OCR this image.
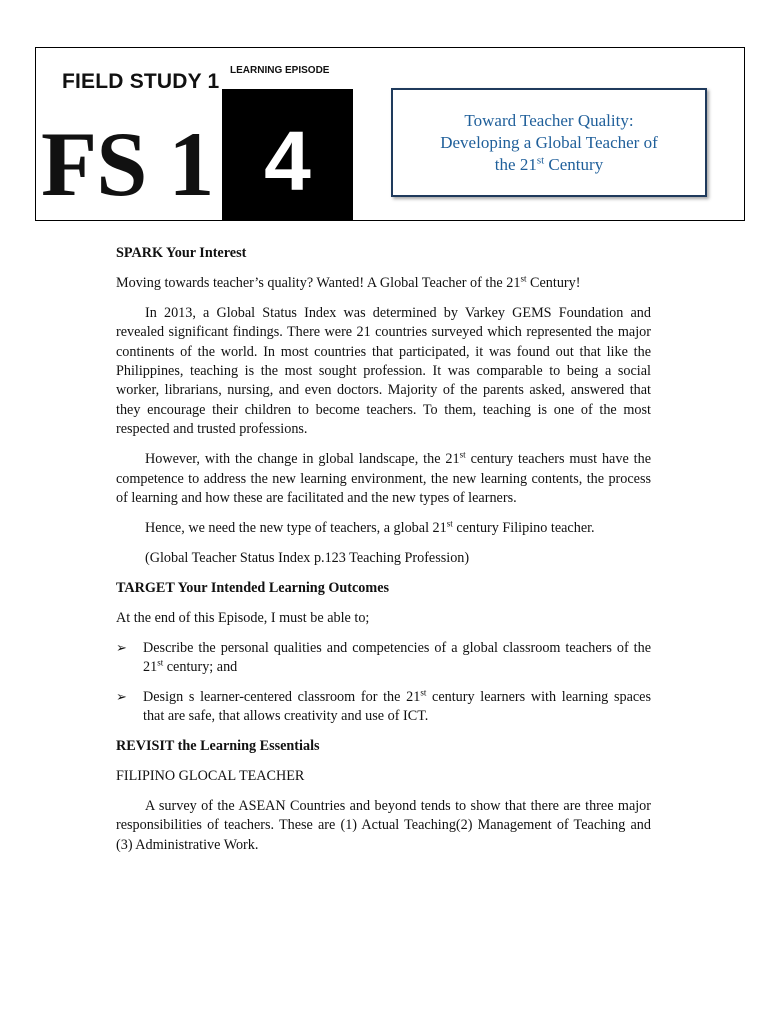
FIELD STUDY 1 LEARNING EPISODE
FS 1 4	Toward Teacher Quality:
Developing a Global Teacher of
the 21st Century

SPARK Your Interest

Moving towards teacher’s quality? Wanted! A Global Teacher of the 21st Century!

In 2013, a Global Status Index was determined by Varkey GEMS Foundation and revealed significant findings. There were 21 countries surveyed which represented the major continents of the world. In most countries that participated, it was found out that like the Philippines, teaching is the most sought profession. It was comparable to being a social worker, librarians, nursing, and even doctors. Majority of the parents asked, answered that they encourage their children to become teachers. To them, teaching is one of the most respected and trusted professions.

However, with the change in global landscape, the 21st century teachers must have the competence to address the new learning environment, the new learning contents, the process of learning and how these are facilitated and the new types of learners.

Hence, we need the new type of teachers, a global 21st century Filipino teacher.

(Global Teacher Status Index p.123 Teaching Profession)

TARGET Your Intended Learning Outcomes

At the end of this Episode, I must be able to;

➢ Describe the personal qualities and competencies of a global classroom teachers of the 21st century; and

➢ Design s learner-centered classroom for the 21st century learners with learning spaces that are safe, that allows creativity and use of ICT.

REVISIT the Learning Essentials

FILIPINO GLOCAL TEACHER

A survey of the ASEAN Countries and beyond tends to show that there are three major responsibilities of teachers. These are (1) Actual Teaching(2) Management of Teaching and (3) Administrative Work.
